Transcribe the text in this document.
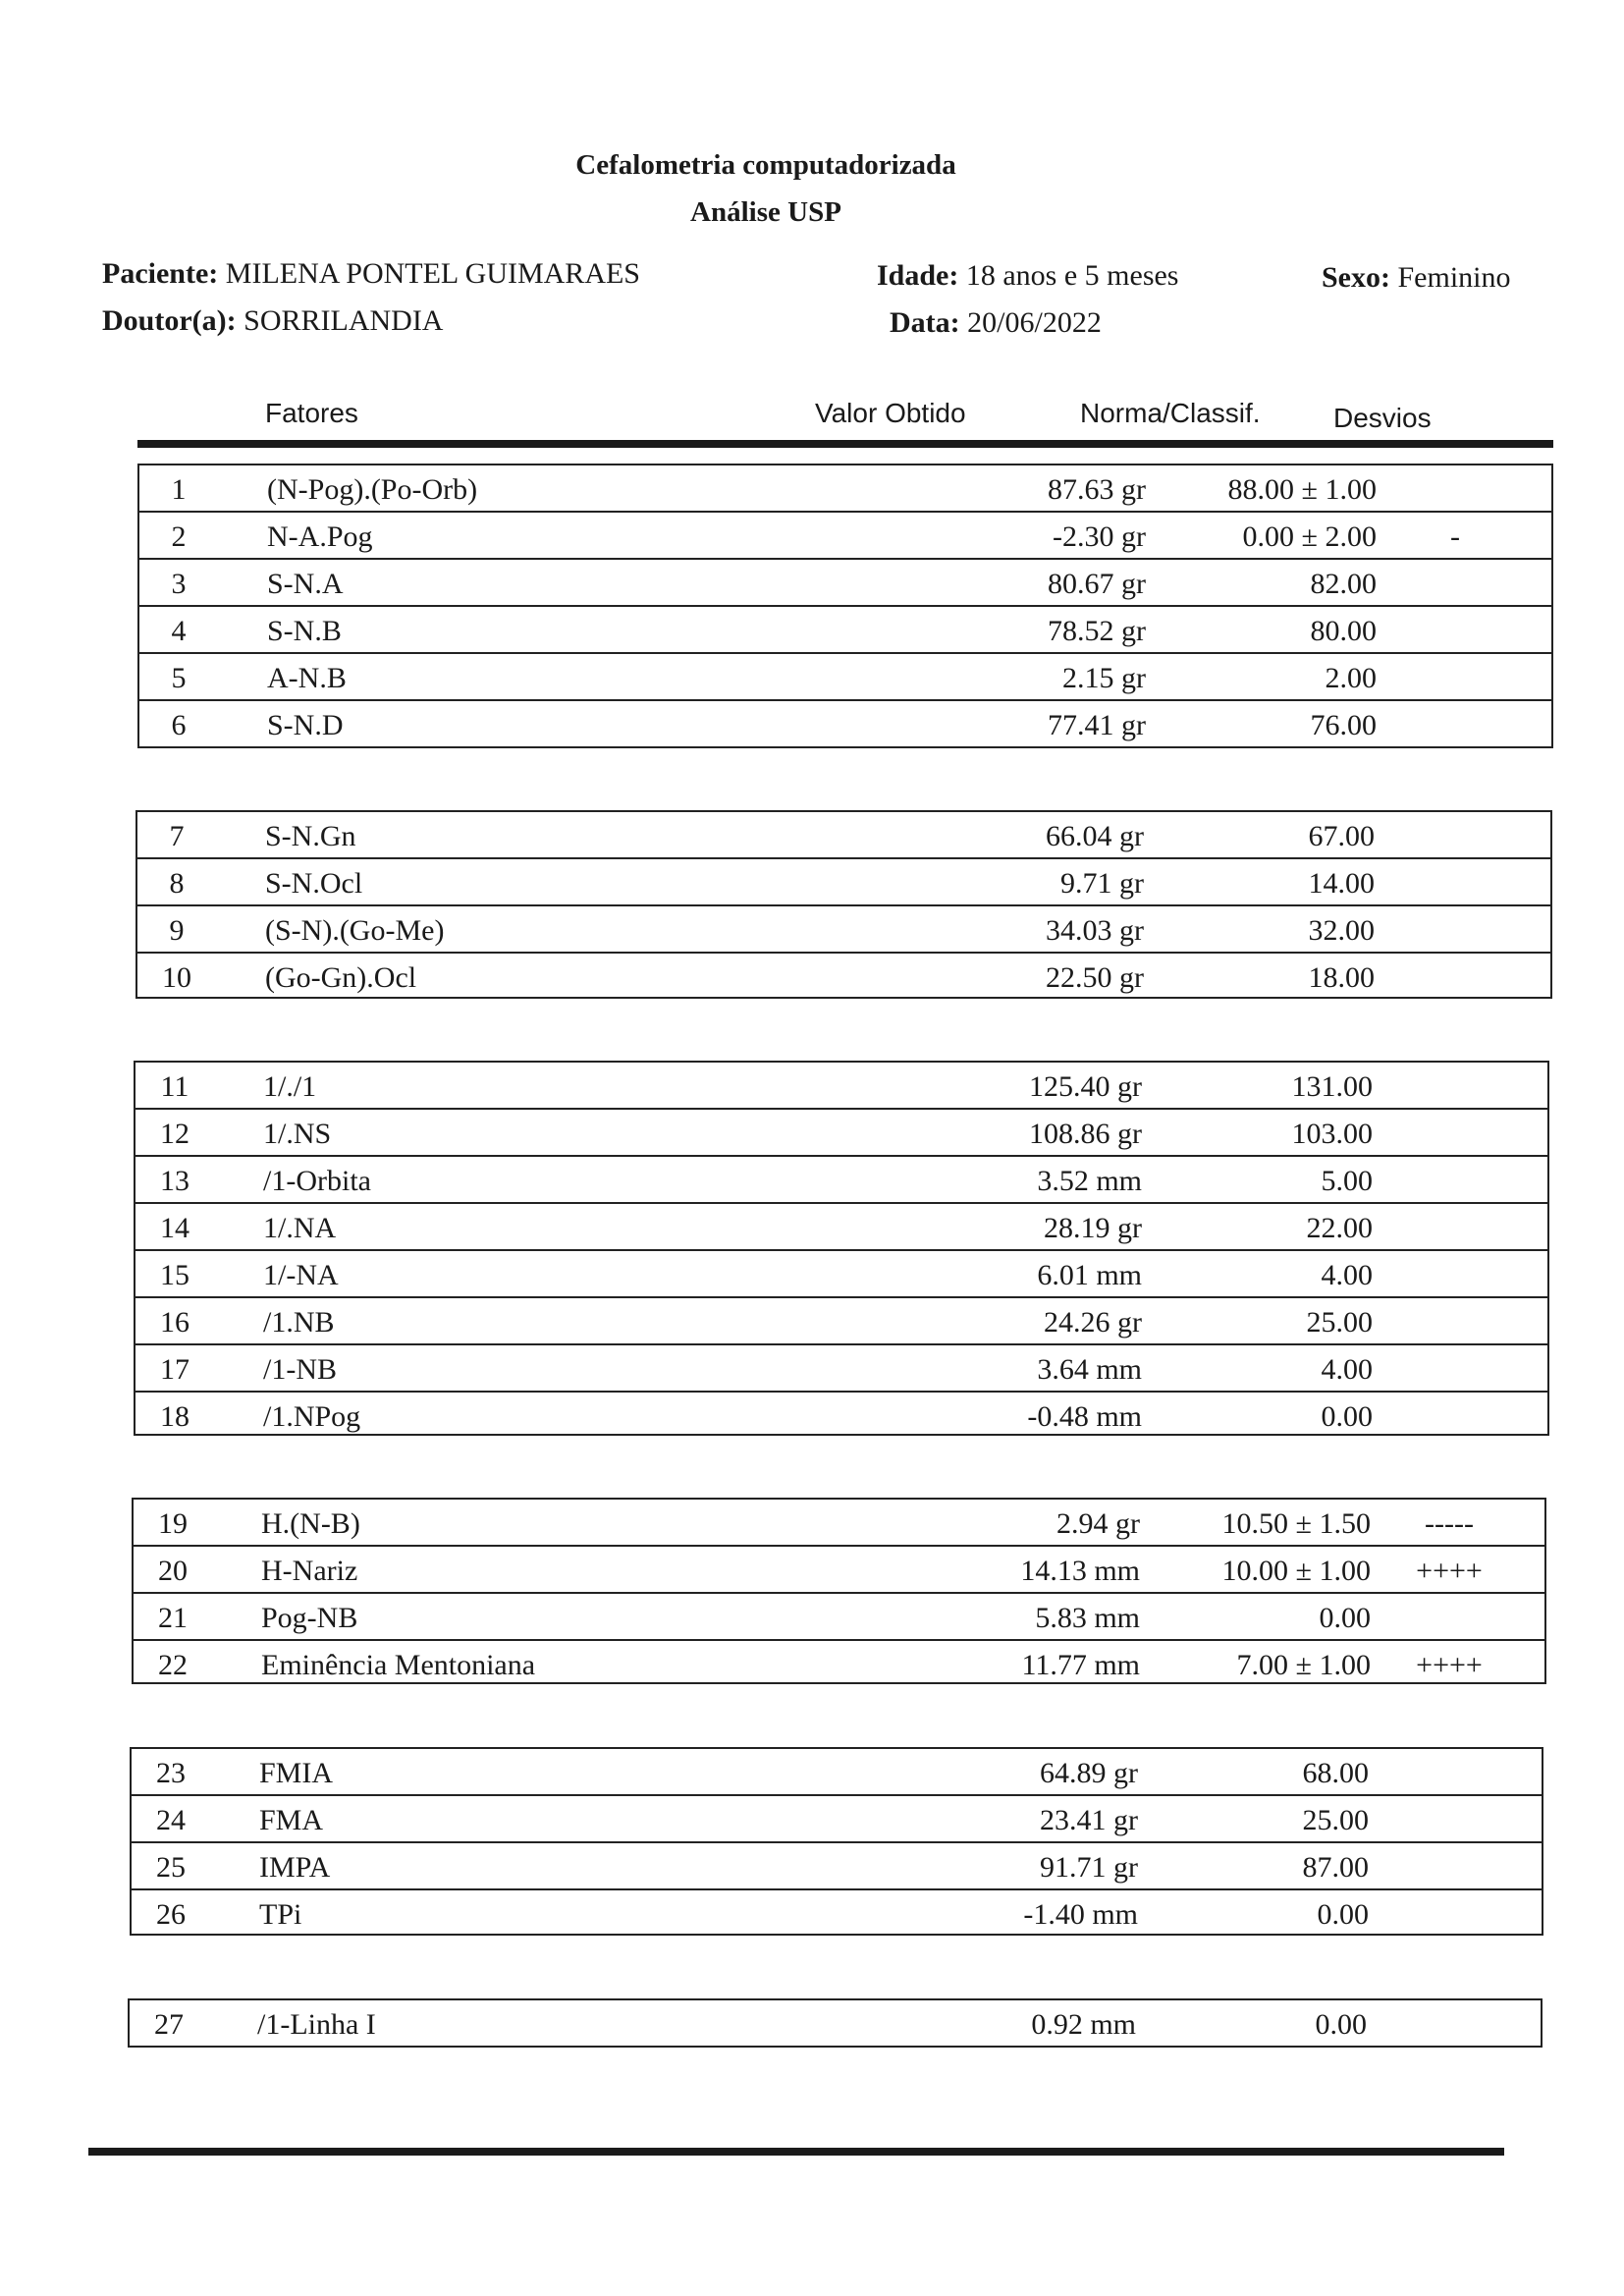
Cefalometria computadorizada
Análise USP
Paciente: MILENA PONTEL GUIMARAES	Idade: 18 anos e 5 meses	Sexo: Feminino
Doutor(a): SORRILANDIA	Data: 20/06/2022
Fatores	Valor Obtido	Norma/Classif.	Desvios
1	(N-Pog).(Po-Orb)	87.63 gr	88.00 ± 1.00
2	N-A.Pog	-2.30 gr	0.00 ± 2.00	-
3	S-N.A	80.67 gr	82.00
4	S-N.B	78.52 gr	80.00
5	A-N.B	2.15 gr	2.00
6	S-N.D	77.41 gr	76.00
7	S-N.Gn	66.04 gr	67.00
8	S-N.Ocl	9.71 gr	14.00
9	(S-N).(Go-Me)	34.03 gr	32.00
10	(Go-Gn).Ocl	22.50 gr	18.00
11	1/./1	125.40 gr	131.00
12	1/.NS	108.86 gr	103.00
13	/1-Orbita	3.52 mm	5.00
14	1/.NA	28.19 gr	22.00
15	1/-NA	6.01 mm	4.00
16	/1.NB	24.26 gr	25.00
17	/1-NB	3.64 mm	4.00
18	/1.NPog	-0.48 mm	0.00
19	H.(N-B)	2.94 gr	10.50 ± 1.50	-----
20	H-Nariz	14.13 mm	10.00 ± 1.00	++++
21	Pog-NB	5.83 mm	0.00
22	Eminência Mentoniana	11.77 mm	7.00 ± 1.00	++++
23	FMIA	64.89 gr	68.00
24	FMA	23.41 gr	25.00
25	IMPA	91.71 gr	87.00
26	TPi	-1.40 mm	0.00
27	/1-Linha I	0.92 mm	0.00
